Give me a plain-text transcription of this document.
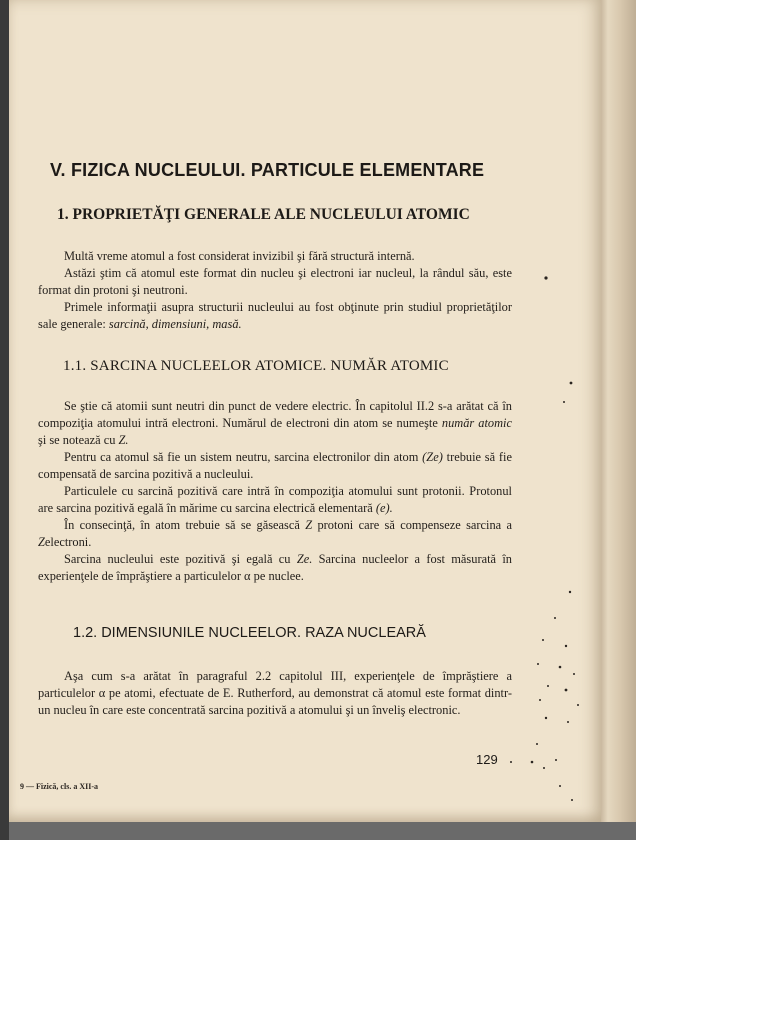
V. FIZICA NUCLEULUI. PARTICULE ELEMENTARE
1. PROPRIETĂŢI GENERALE ALE NUCLEULUI ATOMIC

Multă vreme atomul a fost considerat invizibil şi fără structură internă.

Astăzi ştim că atomul este format din nucleu şi electroni iar nucleul, la rândul său, este format din protoni şi neutroni.

Primele informaţii asupra structurii nucleului au fost obţinute prin studiul proprietăţilor sale generale: sarcină, dimensiuni, masă.

1.1. SARCINA NUCLEELOR ATOMICE. NUMĂR ATOMIC

Se ştie că atomii sunt neutri din punct de vedere electric. În capitolul II.2 s-a arătat că în compoziţia atomului intră electroni. Numărul de electroni din atom se numeşte număr atomic şi se notează cu Z.

Pentru ca atomul să fie un sistem neutru, sarcina electronilor din atom (Ze) trebuie să fie compensată de sarcina pozitivă a nucleului.

Particulele cu sarcină pozitivă care intră în compoziţia atomului sunt protonii. Protonul are sarcina pozitivă egală în mărime cu sarcina electrică elementară (e).

În consecinţă, în atom trebuie să se găsească Z protoni care să compenseze sarcina a Zelectroni.

Sarcina nucleului este pozitivă şi egală cu Ze. Sarcina nucleelor a fost măsurată în experienţele de împrăştiere a particulelor α pe nuclee.

1.2. DIMENSIUNILE NUCLEELOR. RAZA NUCLEARĂ

Aşa cum s-a arătat în paragraful 2.2 capitolul III, experienţele de împrăştiere a particulelor α pe atomi, efectuate de E. Rutherford, au demonstrat că atomul este format dintr-un nucleu în care este concentrată sarcina pozitivă a atomului şi un înveliş electronic.

129
9 — Fizică, cls. a XII-a
